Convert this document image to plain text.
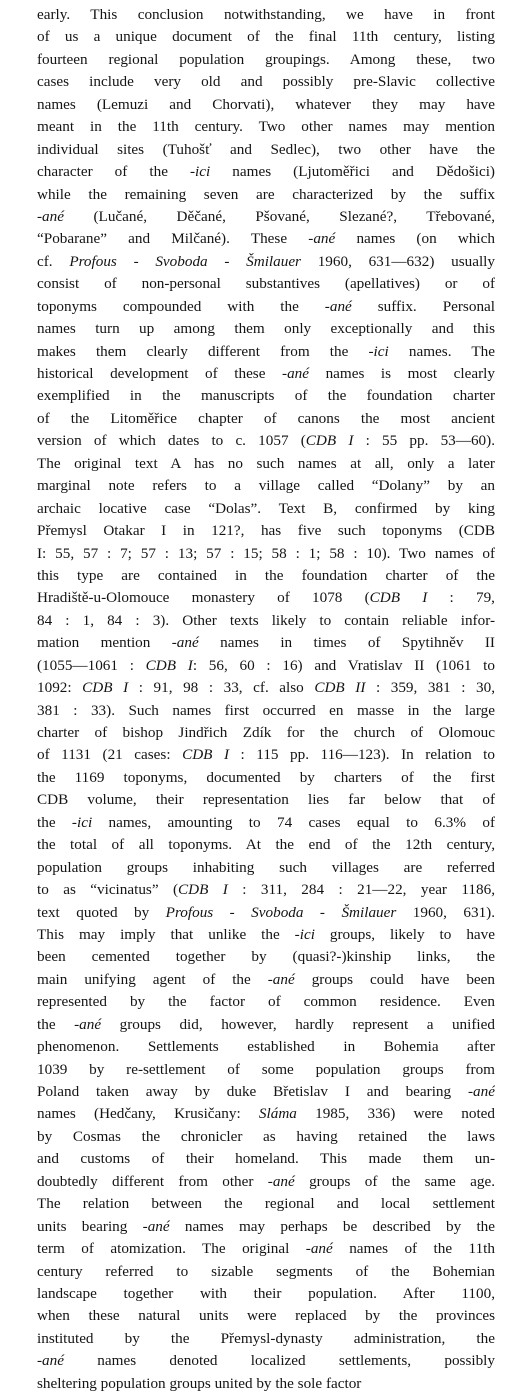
early. This conclusion notwithstanding, we have in front
of us a unique document of the final 11th century, listing
fourteen regional population groupings. Among these, two
cases include very old and possibly pre-Slavic collective
names (Lemuzi and Chorvati), whatever they may have
meant in the 11th century. Two other names may mention
individual sites (Tuhošť and Sedlec), two other have the
character of the -ici names (Ljutoměřici and Dědošici)
while the remaining seven are characterized by the suffix
-ané (Lučané, Děčané, Pšované, Slezané?, Třebované,
“Pobarane” and Milčané). These -ané names (on which
cf. Profous - Svoboda - Šmilauer 1960, 631—632) usually
consist of non-personal substantives (apellatives) or of
toponyms compounded with the -ané suffix. Personal
names turn up among them only exceptionally and this
makes them clearly different from the -ici names. The
historical development of these -ané names is most clearly
exemplified in the manuscripts of the foundation charter
of the Litoměřice chapter of canons the most ancient
version of which dates to c. 1057 (CDB I : 55 pp. 53—60).
The original text A has no such names at all, only a later
marginal note refers to a village called “Dolany” by an
archaic locative case “Dolas”. Text B, confirmed by king
Přemysl Otakar I in 121?, has five such toponyms (CDB
I: 55, 57 : 7; 57 : 13; 57 : 15; 58 : 1; 58 : 10). Two names of
this type are contained in the foundation charter of the
Hradiště-u-Olomouce monastery of 1078 (CDB I : 79,
84 : 1, 84 : 3). Other texts likely to contain reliable infor-
mation mention -ané names in times of Spytihněv II
(1055—1061 : CDB I: 56, 60 : 16) and Vratislav II (1061 to
1092: CDB I : 91, 98 : 33, cf. also CDB II : 359, 381 : 30,
381 : 33). Such names first occurred en masse in the large
charter of bishop Jindřich Zdík for the church of Olomouc
of 1131 (21 cases: CDB I : 115 pp. 116—123). In relation to
the 1169 toponyms, documented by charters of the first
CDB volume, their representation lies far below that of
the -ici names, amounting to 74 cases equal to 6.3% of
the total of all toponyms. At the end of the 12th century,
population groups inhabiting such villages are referred
to as “vicinatus” (CDB I : 311, 284 : 21—22, year 1186,
text quoted by Profous - Svoboda - Šmilauer 1960, 631).
This may imply that unlike the -ici groups, likely to have
been cemented together by (quasi?-)kinship links, the
main unifying agent of the -ané groups could have been
represented by the factor of common residence. Even
the -ané groups did, however, hardly represent a unified
phenomenon. Settlements established in Bohemia after
1039 by re-settlement of some population groups from
Poland taken away by duke Břetislav I and bearing -ané
names (Hedčany, Krusičany: Sláma 1985, 336) were noted
by Cosmas the chronicler as having retained the laws
and customs of their homeland. This made them un-
doubtedly different from other -ané groups of the same age.
The relation between the regional and local settlement
units bearing -ané names may perhaps be described by the
term of atomization. The original -ané names of the 11th
century referred to sizable segments of the Bohemian
landscape together with their population. After 1100,
when these natural units were replaced by the provinces
instituted by the Přemysl-dynasty administration, the
-ané names denoted localized settlements, possibly
sheltering population groups united by the sole factor
